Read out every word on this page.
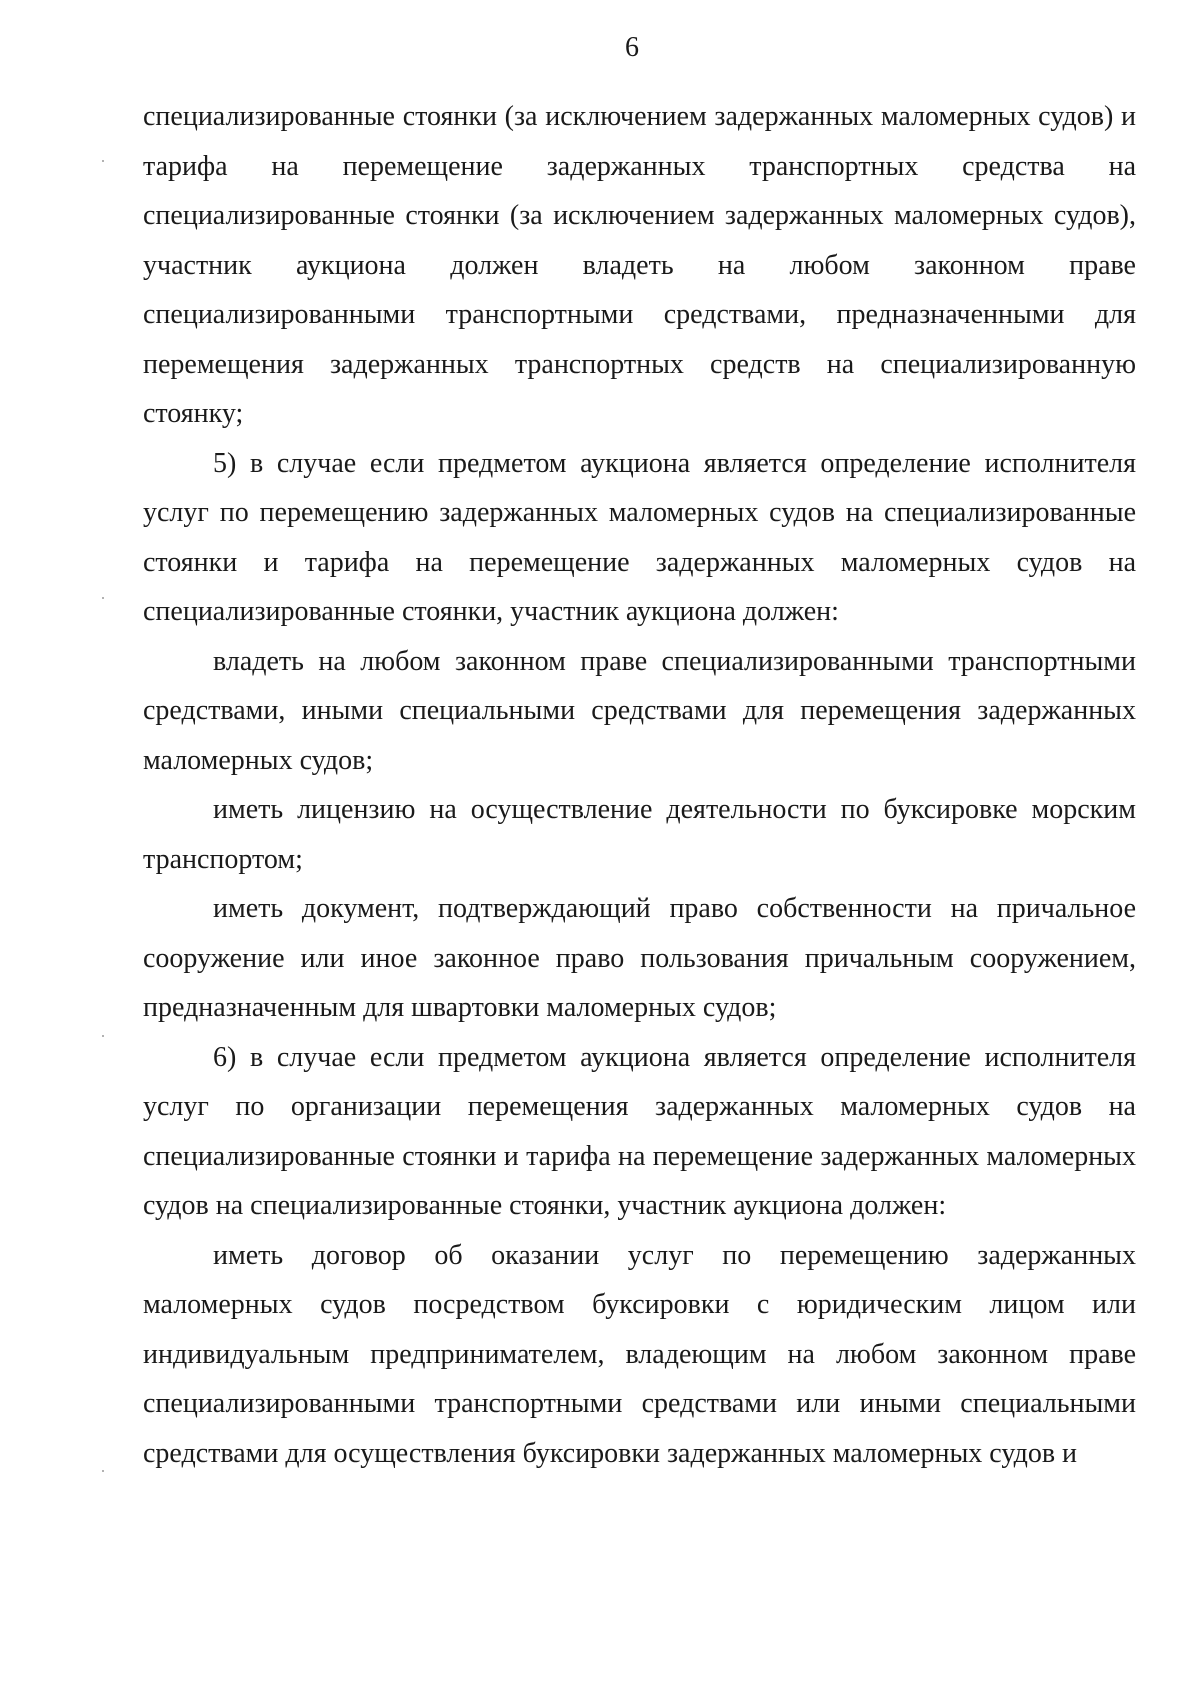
6

специализированные стоянки (за исключением задержанных маломерных судов) и тарифа на перемещение задержанных транспортных средства на специализированные стоянки (за исключением задержанных маломерных судов), участник аукциона должен владеть на любом законном праве специализированными транспортными средствами, предназначенными для перемещения задержанных транспортных средств на специализированную стоянку;

5) в случае если предметом аукциона является определение исполнителя услуг по перемещению задержанных маломерных судов на специализированные стоянки и тарифа на перемещение задержанных маломерных судов на специализированные стоянки, участник аукциона должен:

владеть на любом законном праве специализированными транспортными средствами, иными специальными средствами для перемещения задержанных маломерных судов;

иметь лицензию на осуществление деятельности по буксировке морским транспортом;

иметь документ, подтверждающий право собственности на причальное сооружение или иное законное право пользования причальным сооружением, предназначенным для швартовки маломерных судов;

6) в случае если предметом аукциона является определение исполнителя услуг по организации перемещения задержанных маломерных судов на специализированные стоянки и тарифа на перемещение задержанных маломерных судов на специализированные стоянки, участник аукциона должен:

иметь договор об оказании услуг по перемещению задержанных маломерных судов посредством буксировки с юридическим лицом или индивидуальным предпринимателем, владеющим на любом законном праве специализированными транспортными средствами или иными специальными средствами для осуществления буксировки задержанных маломерных судов и
